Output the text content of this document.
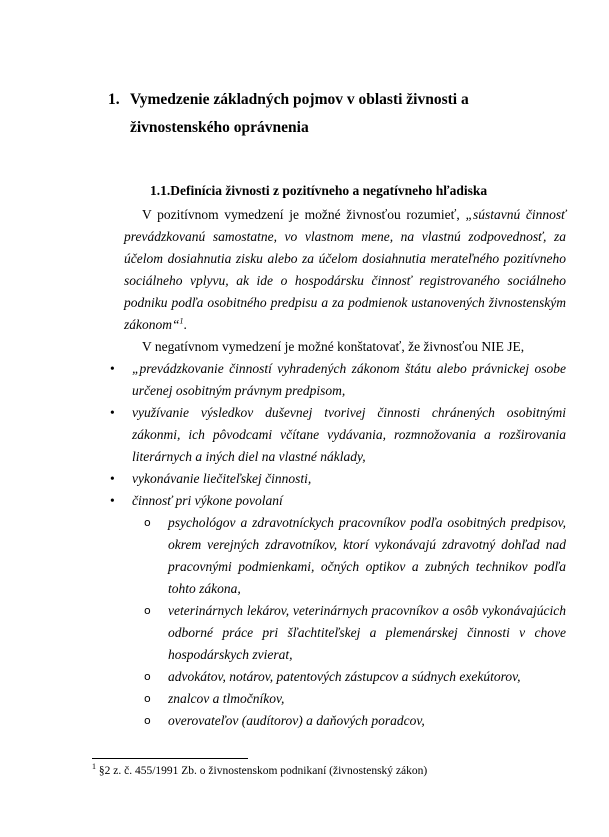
1. Vymedzenie základných pojmov v oblasti živnosti a živnostenského oprávnenia
1.1.Definícia živnosti z pozitívneho a negatívneho hľadiska
V pozitívnom vymedzení je možné živnosťou rozumieť, „sústavnú činnosť prevádzkovanú samostatne, vo vlastnom mene, na vlastnú zodpovednosť, za účelom dosiahnutia zisku alebo za účelom dosiahnutia merateľného pozitívneho sociálneho vplyvu, ak ide o hospodársku činnosť registrovaného sociálneho podniku podľa osobitného predpisu a za podmienok ustanovených živnostenským zákonom“$^1$.
V negatívnom vymedzení je možné konštatovať, že živnosťou NIE JE,
• „prevádzkovanie činností vyhradených zákonom štátu alebo právnickej osobe určenej osobitným právnym predpisom,
• využívanie výsledkov duševnej tvorivej činnosti chránených osobitnými zákonmi, ich pôvodcami včítane vydávania, rozmnožovania a rozširovania literárnych a iných diel na vlastné náklady,
• vykonávanie liečiteľskej činnosti,
• činnosť pri výkone povolaní
o psychológov a zdravotníckych pracovníkov podľa osobitných predpisov, okrem verejných zdravotníkov, ktorí vykonávajú zdravotný dohľad nad pracovnými podmienkami, očných optikov a zubných technikov podľa tohto zákona,
o veterinárnych lekárov, veterinárnych pracovníkov a osôb vykonávajúcich odborné práce pri šľachtiteľskej a plemenárskej činnosti v chove hospodárskych zvierat,
o advokátov, notárov, patentových zástupcov a súdnych exekútorov,
o znalcov a tlmočníkov,
o overovateľov (audítorov) a daňových poradcov,
$^1$ §2 z. č. 455/1991 Zb. o živnostenskom podnikaní (živnostenský zákon)
